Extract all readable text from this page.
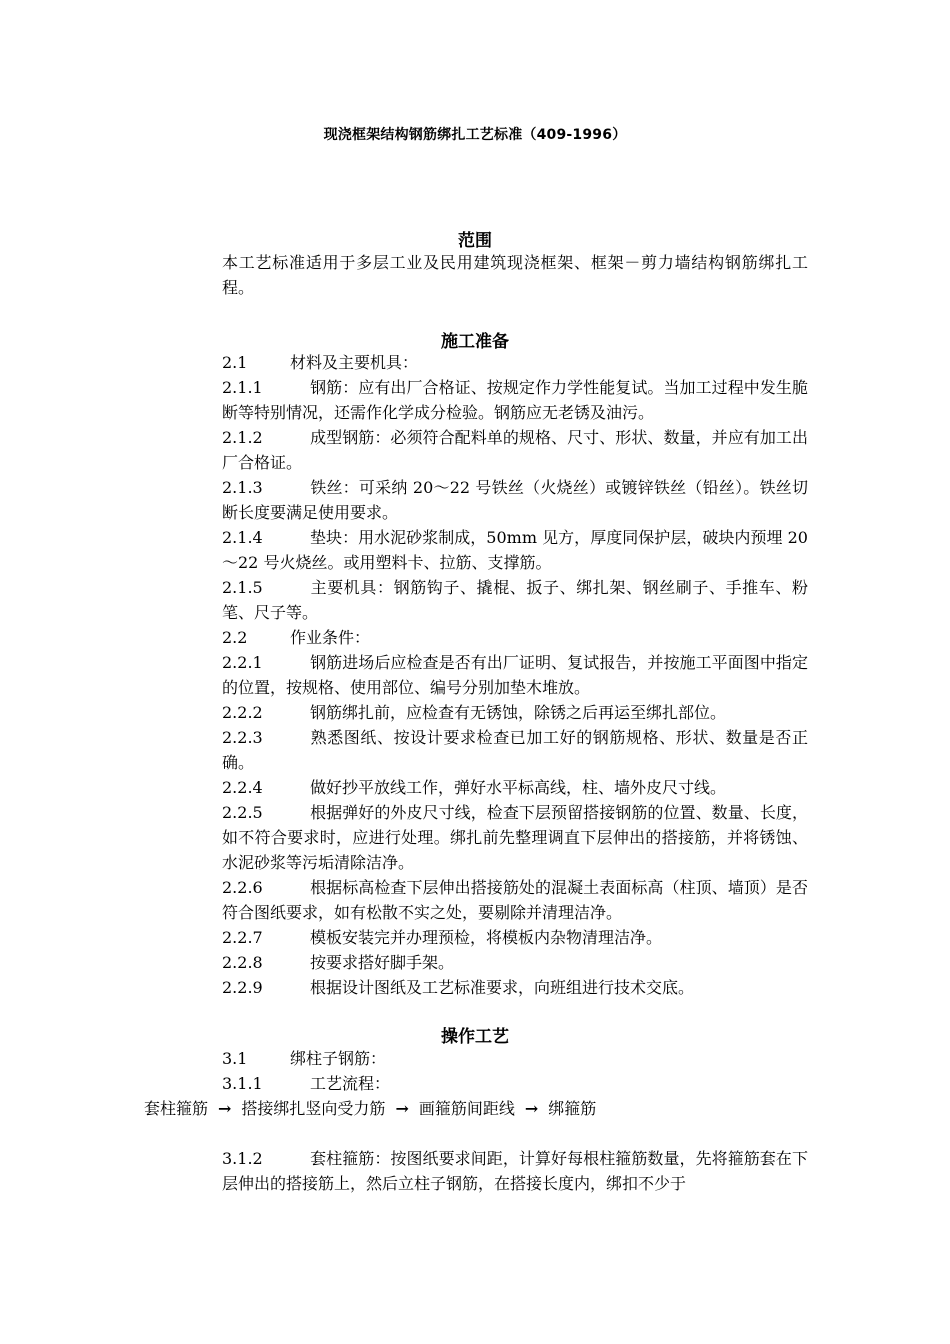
现浇框架结构钢筋绑扎工艺标准（409-1996）
范围
本工艺标准适用于多层工业及民用建筑现浇框架、框架－剪力墙结构钢筋绑扎工程。
施工准备
2.1	材料及主要机具：
2.1.1	钢筋：应有出厂合格证、按规定作力学性能复试。当加工过程中发生脆断等特别情况，还需作化学成分检验。钢筋应无老锈及油污。
2.1.2	成型钢筋：必须符合配料单的规格、尺寸、形状、数量，并应有加工出厂合格证。
2.1.3	铁丝：可采纳 20～22 号铁丝（火烧丝）或镀锌铁丝（铅丝）。铁丝切断长度要满足使用要求。
2.1.4	垫块：用水泥砂浆制成，50mm 见方，厚度同保护层，破块内预埋 20～22 号火烧丝。或用塑料卡、拉筋、支撑筋。
2.1.5	主要机具：钢筋钩子、撬棍、扳子、绑扎架、钢丝刷子、手推车、粉笔、尺子等。
2.2	作业条件：
2.2.1	钢筋进场后应检查是否有出厂证明、复试报告，并按施工平面图中指定的位置，按规格、使用部位、编号分别加垫木堆放。
2.2.2	钢筋绑扎前，应检查有无锈蚀，除锈之后再运至绑扎部位。
2.2.3	熟悉图纸、按设计要求检查已加工好的钢筋规格、形状、数量是否正确。
2.2.4	做好抄平放线工作，弹好水平标高线，柱、墙外皮尺寸线。
2.2.5	根据弹好的外皮尺寸线，检查下层预留搭接钢筋的位置、数量、长度，如不符合要求时，应进行处理。绑扎前先整理调直下层伸出的搭接筋，并将锈蚀、水泥砂浆等污垢清除洁净。
2.2.6	根据标高检查下层伸出搭接筋处的混凝土表面标高（柱顶、墙顶）是否符合图纸要求，如有松散不实之处，要剔除并清理洁净。
2.2.7	模板安装完并办理预检，将模板内杂物清理洁净。
2.2.8	按要求搭好脚手架。
2.2.9	根据设计图纸及工艺标准要求，向班组进行技术交底。
操作工艺
3.1	绑柱子钢筋：
3.1.1	工艺流程：
套柱箍筋 → 搭接绑扎竖向受力筋 → 画箍筋间距线 → 绑箍筋
3.1.2	套柱箍筋：按图纸要求间距，计算好每根柱箍筋数量，先将箍筋套在下层伸出的搭接筋上，然后立柱子钢筋，在搭接长度内，绑扣不少于
